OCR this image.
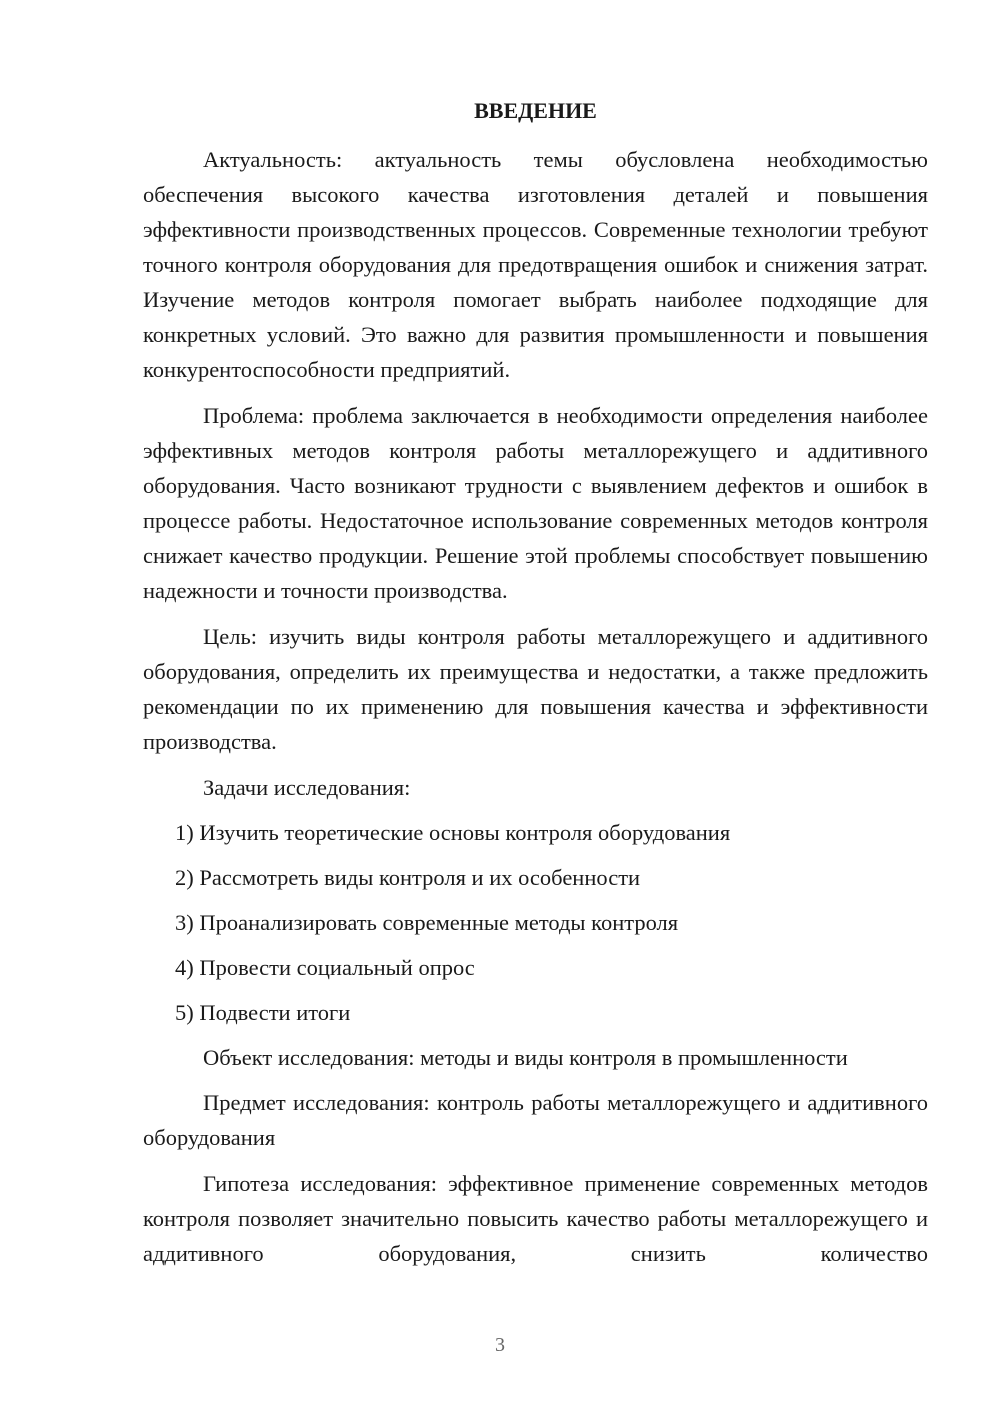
ВВЕДЕНИЕ

Актуальность: актуальность темы обусловлена необходимостью обеспечения высокого качества изготовления деталей и повышения эффективности производственных процессов. Современные технологии требуют точного контроля оборудования для предотвращения ошибок и снижения затрат. Изучение методов контроля помогает выбрать наиболее подходящие для конкретных условий. Это важно для развития промышленности и повышения конкурентоспособности предприятий.

Проблема: проблема заключается в необходимости определения наиболее эффективных методов контроля работы металлорежущего и аддитивного оборудования. Часто возникают трудности с выявлением дефектов и ошибок в процессе работы. Недостаточное использование современных методов контроля снижает качество продукции. Решение этой проблемы способствует повышению надежности и точности производства.

Цель: изучить виды контроля работы металлорежущего и аддитивного оборудования, определить их преимущества и недостатки, а также предложить рекомендации по их применению для повышения качества и эффективности производства.

Задачи исследования:

1) Изучить теоретические основы контроля оборудования
2) Рассмотреть виды контроля и их особенности
3) Проанализировать современные методы контроля
4) Провести социальный опрос
5) Подвести итоги

Объект исследования: методы и виды контроля в промышленности

Предмет исследования: контроль работы металлорежущего и аддитивного оборудования

Гипотеза исследования: эффективное применение современных методов контроля позволяет значительно повысить качество работы металлорежущего и аддитивного оборудования, снизить количество

3
